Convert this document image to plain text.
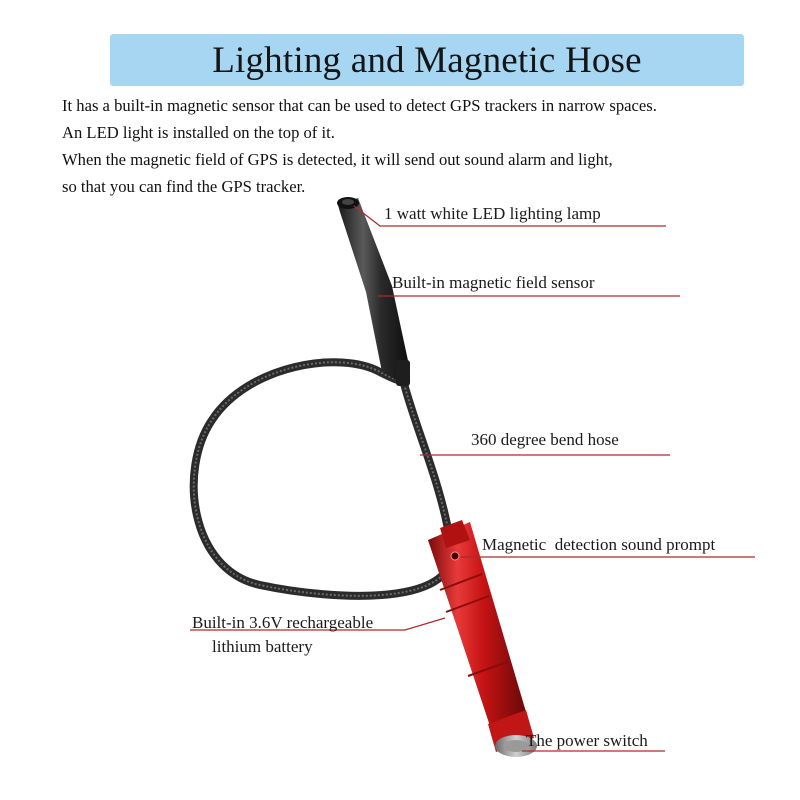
Lighting and Magnetic Hose

It has a built-in magnetic sensor that can be used to detect GPS trackers in narrow spaces.

An LED light is installed on the top of it.

When the magnetic field of GPS is detected, it will send out sound alarm and light,

so that you can find the GPS tracker.

1 watt white LED lighting lamp
Built-in magnetic field sensor
360 degree bend hose
Magnetic  detection sound prompt
Built-in 3.6V rechargeable
lithium battery
The power switch
